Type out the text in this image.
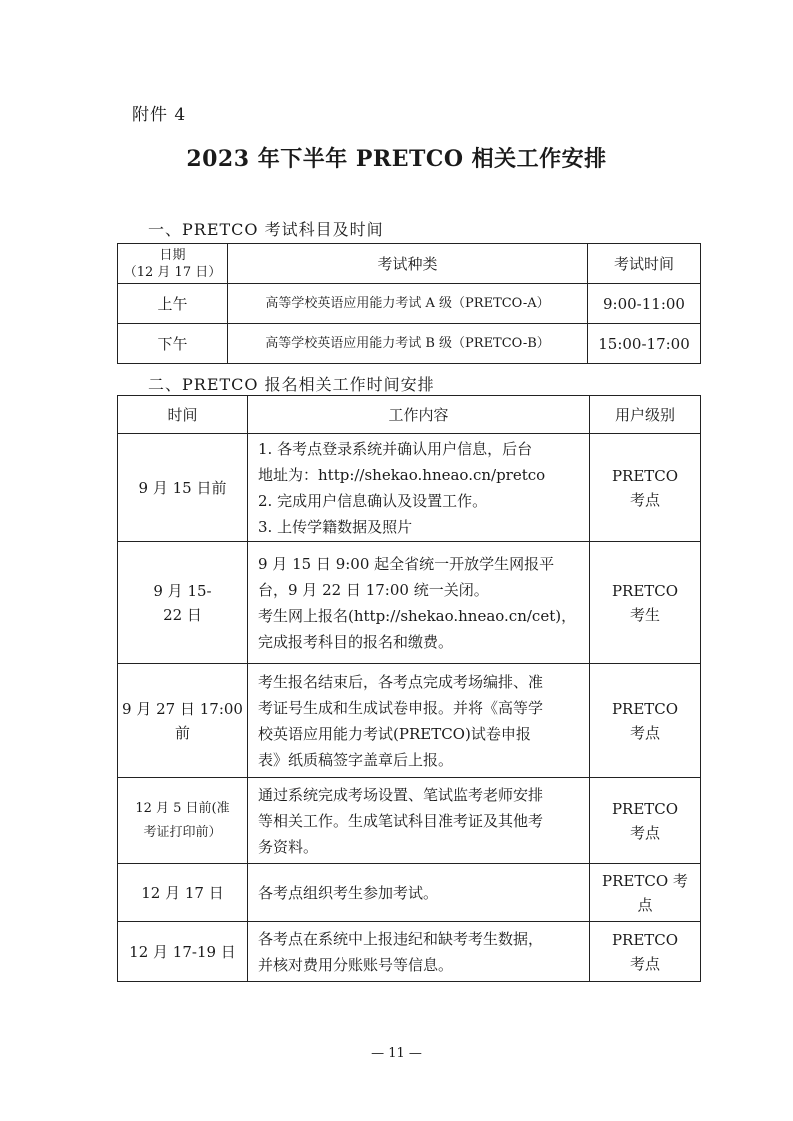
附件 4
2023 年下半年 PRETCO 相关工作安排
一、PRETCO 考试科目及时间
日期
（12 月 17 日）	考试种类	考试时间
上午	高等学校英语应用能力考试 A 级（PRETCO-A）	9:00-11:00
下午	高等学校英语应用能力考试 B 级（PRETCO-B）	15:00-17:00
二、PRETCO 报名相关工作时间安排
时间	工作内容	用户级别

9 月 15 日前	1. 各考点登录系统并确认用户信息，后台
地址为：http://shekao.hneao.cn/pretco
2. 完成用户信息确认及设置工作。
3. 上传学籍数据及照片	PRETCO
考点

9 月 15-
22 日	9 月 15 日 9:00 起全省统一开放学生网报平
台，9 月 22 日 17:00 统一关闭。
考生网上报名(http://shekao.hneao.cn/cet)，
完成报考科目的报名和缴费。	PRETCO
考生

9 月 27 日 17:00
前	考生报名结束后，各考点完成考场编排、准
考证号生成和生成试卷申报。并将《高等学
校英语应用能力考试(PRETCO)试卷申报
表》纸质稿签字盖章后上报。	PRETCO
考点

12 月 5 日前(准
考证打印前）	通过系统完成考场设置、笔试监考老师安排
等相关工作。生成笔试科目准考证及其他考
务资料。	PRETCO
考点

12 月 17 日	各考点组织考生参加考试。	PRETCO 考
点

12 月 17-19 日	各考点在系统中上报违纪和缺考考生数据，
并核对费用分账账号等信息。	PRETCO
考点
— 11 —
